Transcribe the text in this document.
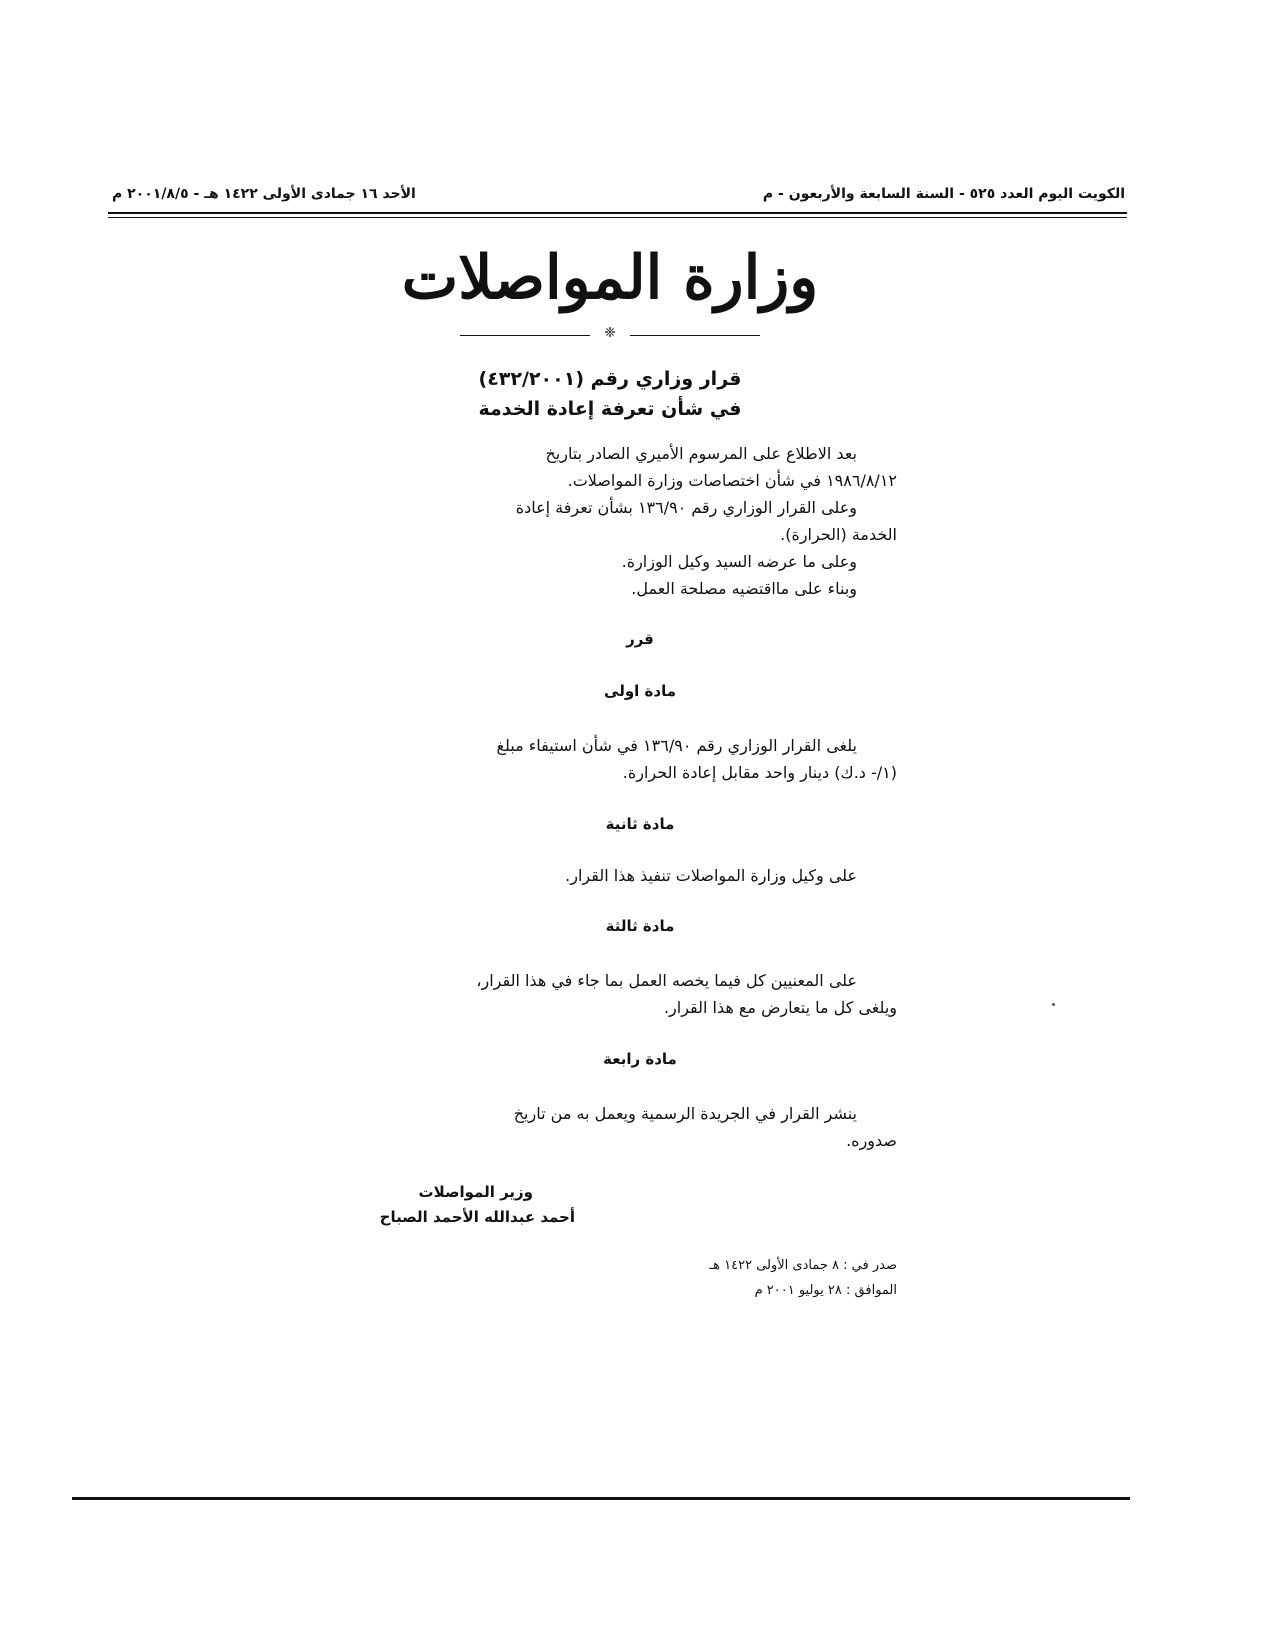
الكويت اليوم العدد ٥٢٥ - السنة السابعة والأربعون - م
الأحد ١٦ جمادى الأولى ١٤٢٢ هـ - ٢٠٠١/٨/٥ م
وزارة المواصلات
❈
قرار وزاري رقم (٤٣٢/٢٠٠١)
في شأن تعرفة إعادة الخدمة
بعد الاطلاع على المرسوم الأميري الصادر بتاريخ
١٩٨٦/٨/١٢ في شأن اختصاصات وزارة المواصلات.
وعلى القرار الوزاري رقم ١٣٦/٩٠ بشأن تعرفة إعادة
الخدمة (الحرارة).
وعلى ما عرضه السيد وكيل الوزارة.
وبناء على مااقتضيه مصلحة العمل.
قرر
مادة اولى
يلغى القرار الوزاري رقم ١٣٦/٩٠ في شأن استيفاء مبلغ
(١/- د.ك) دينار واحد مقابل إعادة الحرارة.
مادة ثانية
على وكيل وزارة المواصلات تنفيذ هذا القرار.
مادة ثالثة
على المعنيين كل فيما يخصه العمل بما جاء في هذا القرار،
ويلغى كل ما يتعارض مع هذا القرار.
مادة رابعة
ينشر القرار في الجريدة الرسمية ويعمل به من تاريخ
صدوره.
وزير المواصلات
أحمد عبدالله الأحمد الصباح
صدر في : ٨ جمادى الأولى ١٤٢٢ هـ
الموافق : ٢٨ يوليو ٢٠٠١ م
